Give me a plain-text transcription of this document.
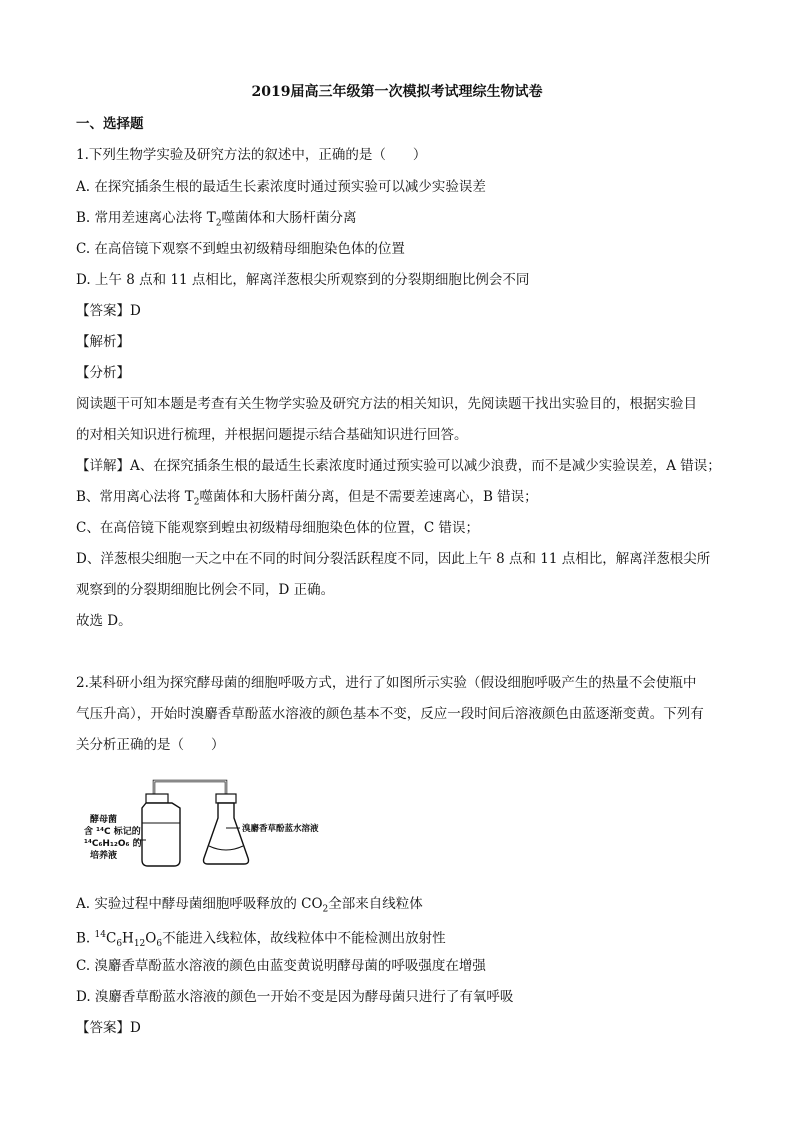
2019届高三年级第一次模拟考试理综生物试卷
一、选择题
1.下列生物学实验及研究方法的叙述中，正确的是（　　）
A. 在探究插条生根的最适生长素浓度时通过预实验可以减少实验误差
B. 常用差速离心法将 $T_2$噬菌体和大肠杆菌分离
C. 在高倍镜下观察不到蝗虫初级精母细胞染色体的位置
D. 上午 8 点和 11 点相比，解离洋葱根尖所观察到的分裂期细胞比例会不同
【答案】D
【解析】
【分析】
阅读题干可知本题是考查有关生物学实验及研究方法的相关知识，先阅读题干找出实验目的，根据实验目
的对相关知识进行梳理，并根据问题提示结合基础知识进行回答。
【详解】A、在探究插条生根的最适生长素浓度时通过预实验可以减少浪费，而不是减少实验误差，A 错误；
B、常用离心法将 $T_2$噬菌体和大肠杆菌分离，但是不需要差速离心，B 错误；
C、在高倍镜下能观察到蝗虫初级精母细胞染色体的位置，C 错误；
D、洋葱根尖细胞一天之中在不同的时间分裂活跃程度不同，因此上午 8 点和 11 点相比，解离洋葱根尖所
观察到的分裂期细胞比例会不同，D 正确。
故选 D。
2.某科研小组为探究酵母菌的细胞呼吸方式，进行了如图所示实验（假设细胞呼吸产生的热量不会使瓶中
气压升高），开始时溴麝香草酚蓝水溶液的颜色基本不变，反应一段时间后溶液颜色由蓝逐渐变黄。下列有
关分析正确的是（　　）
酵母菌
含 ¹⁴C 标记的
¹⁴C₆H₁₂O₆ 的
培养液
溴麝香草酚蓝水溶液
A. 实验过程中酵母菌细胞呼吸释放的 $CO_2$全部来自线粒体
B. $^{14}C_6H_{12}O_6$不能进入线粒体，故线粒体中不能检测出放射性
C. 溴麝香草酚蓝水溶液的颜色由蓝变黄说明酵母菌的呼吸强度在增强
D. 溴麝香草酚蓝水溶液的颜色一开始不变是因为酵母菌只进行了有氧呼吸
【答案】D
